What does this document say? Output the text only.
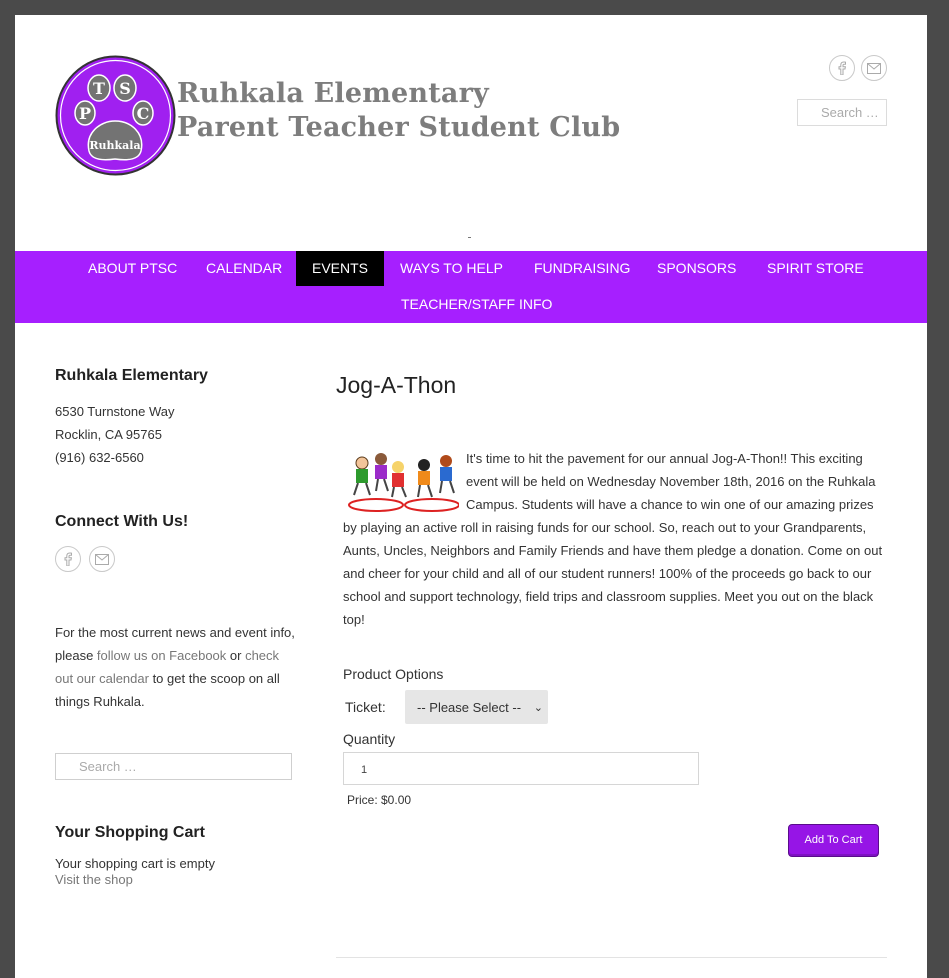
T S
P	C
Ruhkala
Ruhkala Elementary
Parent Teacher Student Club	Search …
ABOUT PTSC	CALENDAR	EVENTS	WAYS TO HELP	FUNDRAISING	SPONSORS	SPIRIT STORE
TEACHER/STAFF INFO
Ruhkala Elementary
6530 Turnstone Way
Rocklin, CA 95765
(916) 632-6560
Connect With Us!
For the most current news and event info, please follow us on Facebook or check out our calendar to get the scoop on all things Ruhkala.
Search …
Your Shopping Cart
Your shopping cart is empty
Visit the shop
Jog-A-Thon
It's time to hit the pavement for our annual Jog-A-Thon!! This exciting event will be held on Wednesday November 18th, 2016 on the Ruhkala Campus. Students will have a chance to win one of our amazing prizes by playing an active roll in raising funds for our school. So, reach out to your Grandparents, Aunts, Uncles, Neighbors and Family Friends and have them pledge a donation. Come on out and cheer for your child and all of our student runners! 100% of the proceeds go back to our school and support technology, field trips and classroom supplies. Meet you out on the black top!
Product Options
Ticket:	-- Please Select -- ⌄
Quantity
1
Price: $0.00
Add To Cart
